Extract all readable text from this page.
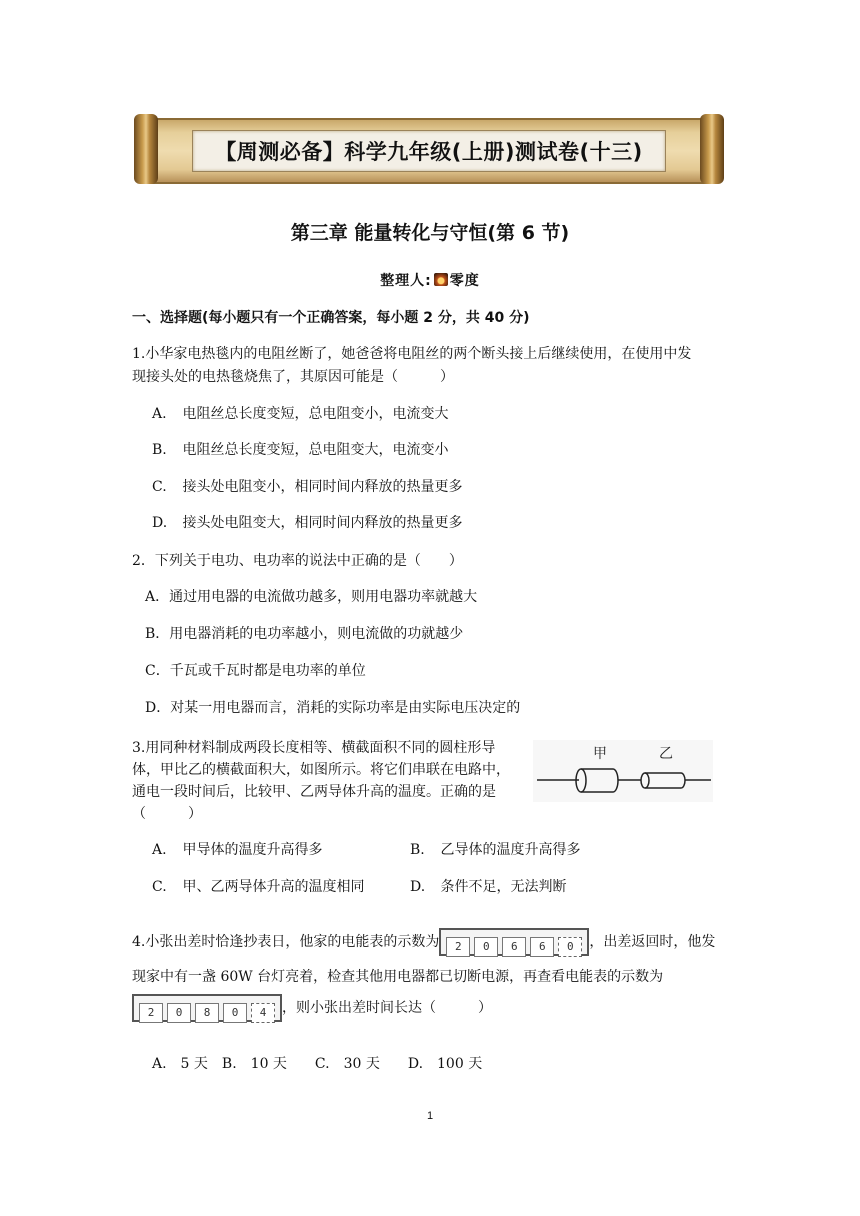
【周测必备】科学九年级(上册)测试卷(十三)
第三章 能量转化与守恒(第 6 节)
整理人: 零度
一、选择题(每小题只有一个正确答案，每小题 2 分，共 40 分)
1.小华家电热毯内的电阻丝断了，她爸爸将电阻丝的两个断头接上后继续使用，在使用中发
现接头处的电热毯烧焦了，其原因可能是（　　　）
A. 电阻丝总长度变短，总电阻变小，电流变大
B. 电阻丝总长度变短，总电阻变大，电流变小
C. 接头处电阻变小，相同时间内释放的热量更多
D. 接头处电阻变大，相同时间内释放的热量更多
2．下列关于电功、电功率的说法中正确的是（　　）
A．通过用电器的电流做功越多，则用电器功率就越大
B．用电器消耗的电功率越小，则电流做的功就越少
C．千瓦或千瓦时都是电功率的单位
D．对某一用电器而言，消耗的实际功率是由实际电压决定的
3.用同种材料制成两段长度相等、横截面积不同的圆柱形导
体，甲比乙的横截面积大，如图所示。将它们串联在电路中，
通电一段时间后，比较甲、乙两导体升高的温度。正确的是
（　　　）
甲	乙
A. 甲导体的温度升高得多	B. 乙导体的温度升高得多
C. 甲、乙两导体升高的温度相同	D. 条件不足，无法判断
4.小张出差时恰逢抄表日，他家的电能表的示数为 2 0 6 6 0 ，出差返回时，他发
现家中有一盏 60W 台灯亮着，检查其他用电器都已切断电源，再查看电能表的示数为
2 0 8 0 4 ，则小张出差时间长达（　　　）
A.　5 天　B.　10 天　　C.　30 天　　D.　100 天
1
